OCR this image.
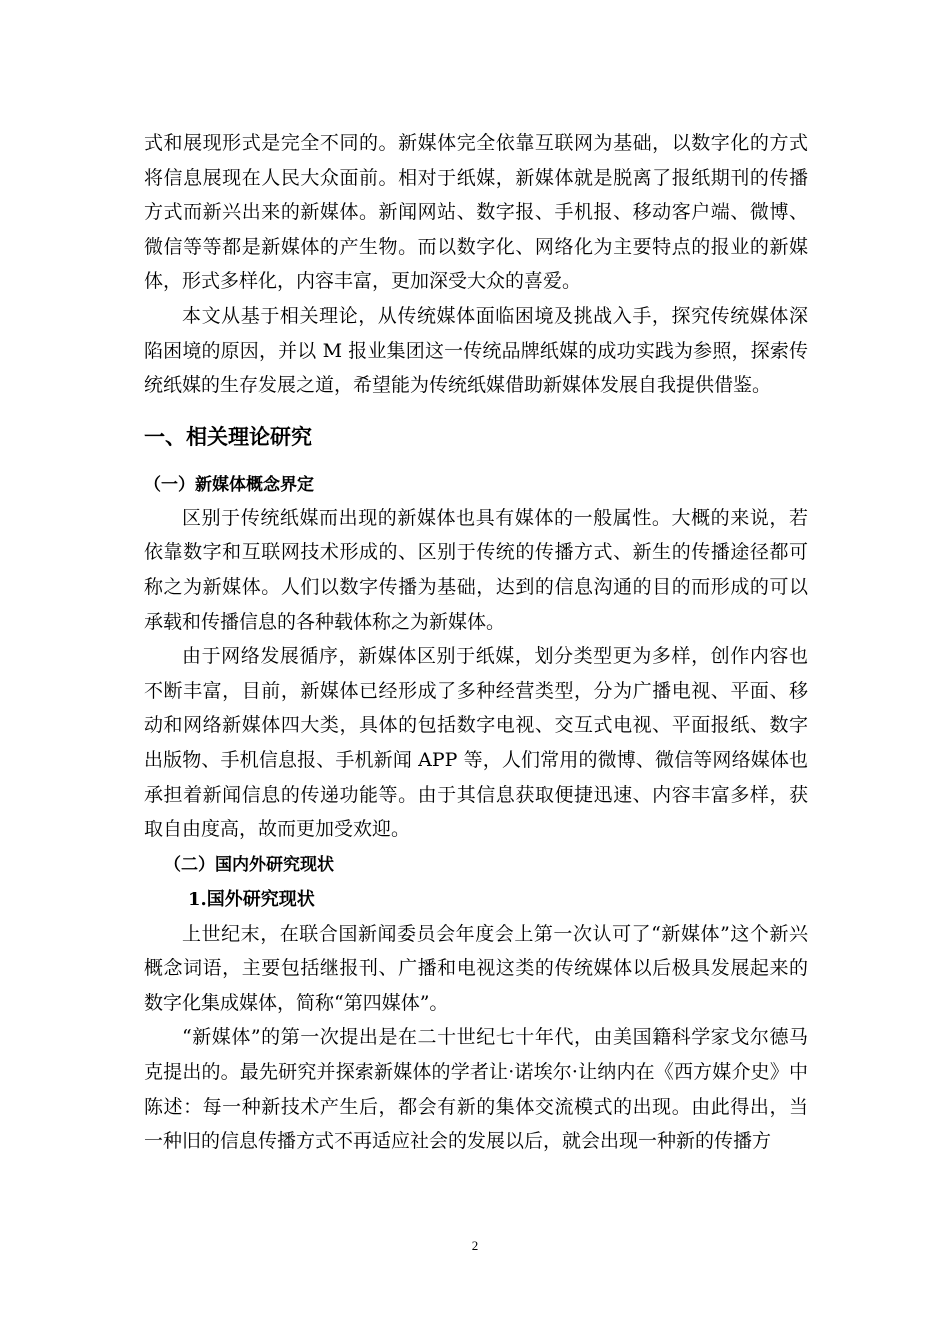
式和展现形式是完全不同的。新媒体完全依靠互联网为基础，以数字化的方式将信息展现在人民大众面前。相对于纸媒，新媒体就是脱离了报纸期刊的传播方式而新兴出来的新媒体。新闻网站、数字报、手机报、移动客户端、微博、微信等等都是新媒体的产生物。而以数字化、网络化为主要特点的报业的新媒体，形式多样化，内容丰富，更加深受大众的喜爱。

本文从基于相关理论，从传统媒体面临困境及挑战入手，探究传统媒体深陷困境的原因，并以 M 报业集团这一传统品牌纸媒的成功实践为参照，探索传统纸媒的生存发展之道，希望能为传统纸媒借助新媒体发展自我提供借鉴。

一、相关理论研究
（一）新媒体概念界定

区别于传统纸媒而出现的新媒体也具有媒体的一般属性。大概的来说，若依靠数字和互联网技术形成的、区别于传统的传播方式、新生的传播途径都可称之为新媒体。人们以数字传播为基础，达到的信息沟通的目的而形成的可以承载和传播信息的各种载体称之为新媒体。

由于网络发展循序，新媒体区别于纸媒，划分类型更为多样，创作内容也不断丰富，目前，新媒体已经形成了多种经营类型，分为广播电视、平面、移动和网络新媒体四大类，具体的包括数字电视、交互式电视、平面报纸、数字出版物、手机信息报、手机新闻 APP 等，人们常用的微博、微信等网络媒体也承担着新闻信息的传递功能等。由于其信息获取便捷迅速、内容丰富多样，获取自由度高，故而更加受欢迎。

（二）国内外研究现状
1.国外研究现状

上世纪末，在联合国新闻委员会年度会上第一次认可了“新媒体”这个新兴概念词语，主要包括继报刊、广播和电视这类的传统媒体以后极具发展起来的数字化集成媒体，简称“第四媒体”。

“新媒体”的第一次提出是在二十世纪七十年代，由美国籍科学家戈尔德马克提出的。最先研究并探索新媒体的学者让·诺埃尔·让纳内在《西方媒介史》中陈述：每一种新技术产生后，都会有新的集体交流模式的出现。由此得出，当一种旧的信息传播方式不再适应社会的发展以后，就会出现一种新的传播方

2
